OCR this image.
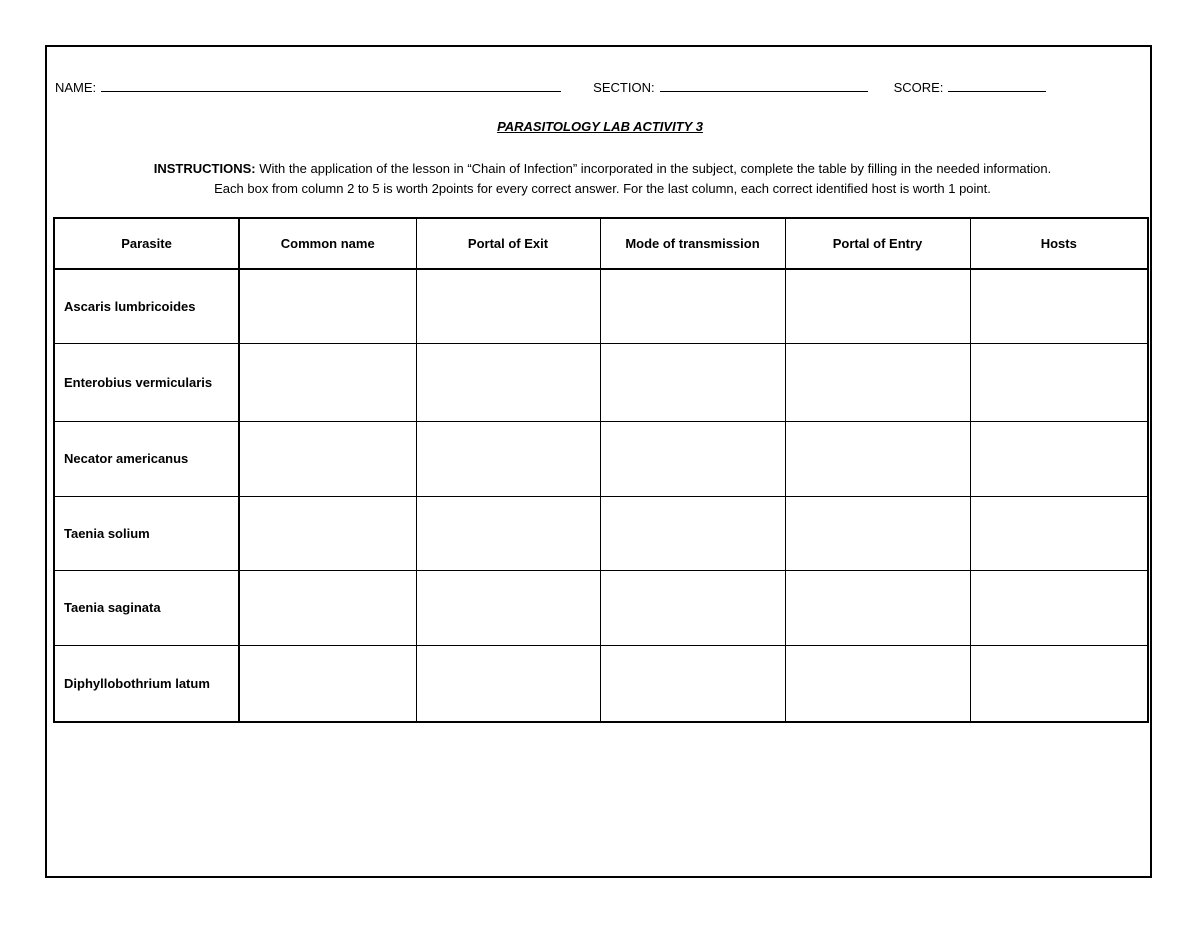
NAME:	SECTION:	SCORE:
PARASITOLOGY LAB ACTIVITY 3
INSTRUCTIONS: With the application of the lesson in “Chain of Infection” incorporated in the subject, complete the table by filling in the needed information.
Each box from column 2 to 5 is worth 2points for every correct answer. For the last column, each correct identified host is worth 1 point.
Parasite	Common name	Portal of Exit	Mode of transmission	Portal of Entry	Hosts
Ascaris lumbricoides					
Enterobius vermicularis					
Necator americanus					
Taenia solium					
Taenia saginata					
Diphyllobothrium latum					
